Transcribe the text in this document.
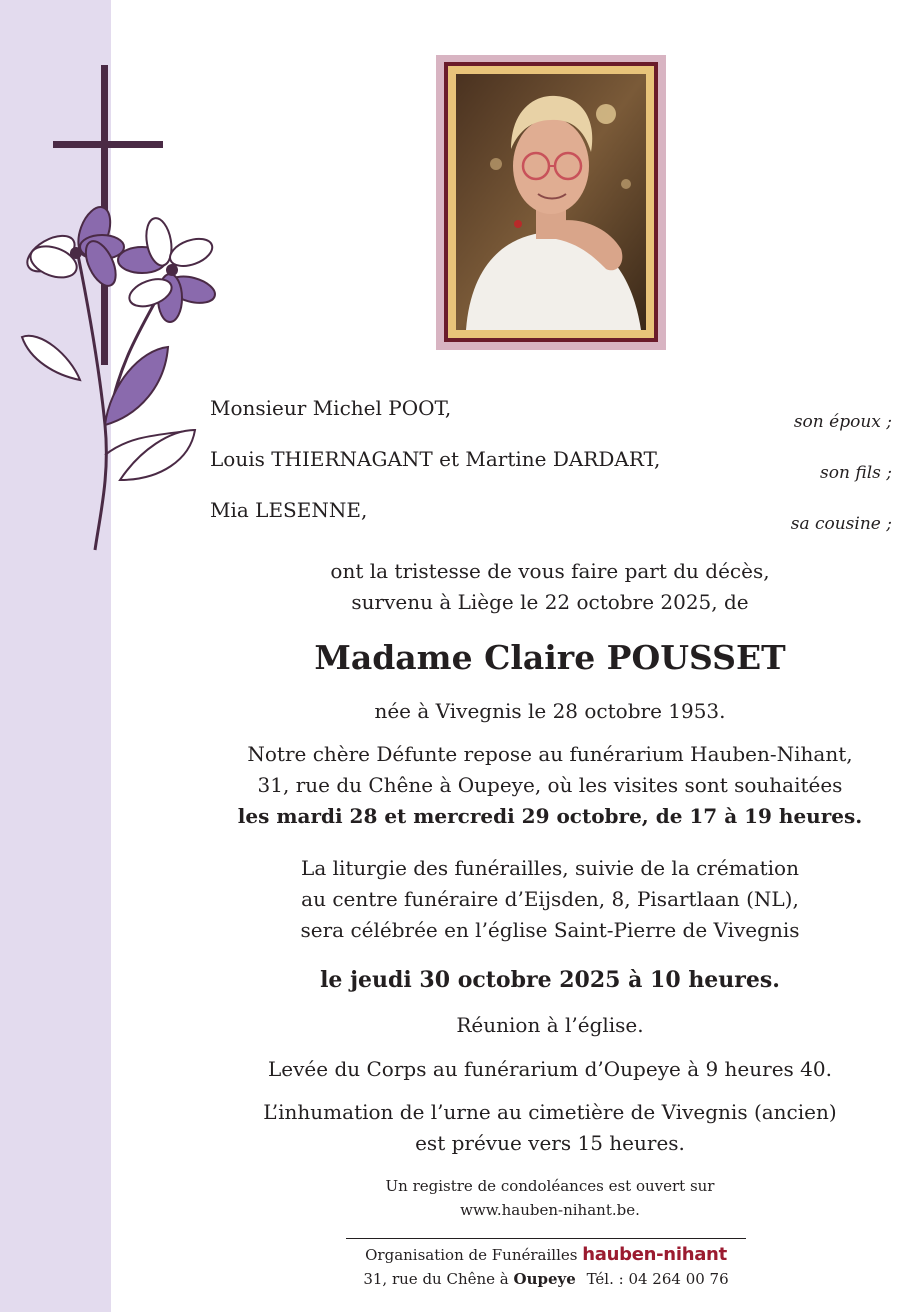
Monsieur Michel POOT,
son époux ;
Louis THIERNAGANT et Martine DARDART,
son fils ;
Mia LESENNE,
sa cousine ;
ont la tristesse de vous faire part du décès,
survenu à Liège le 22 octobre 2025, de
Madame Claire POUSSET
née à Vivegnis le 28 octobre 1953.
Notre chère Défunte repose au funérarium Hauben-Nihant,
31, rue du Chêne à Oupeye, où les visites sont souhaitées
les mardi 28 et mercredi 29 octobre, de 17 à 19 heures.
La liturgie des funérailles, suivie de la crémation
au centre funéraire d’Eijsden, 8, Pisartlaan (NL),
sera célébrée en l’église Saint-Pierre de Vivegnis
le jeudi 30 octobre 2025 à 10 heures.
Réunion à l’église.
Levée du Corps au funérarium d’Oupeye à 9 heures 40.
L’inhumation de l’urne au cimetière de Vivegnis (ancien)
est prévue vers 15 heures.
Un registre de condoléances est ouvert sur
www.hauben-nihant.be.
Organisation de Funérailles hauben-nihant
31, rue du Chêne à Oupeye Tél. : 04 264 00 76
